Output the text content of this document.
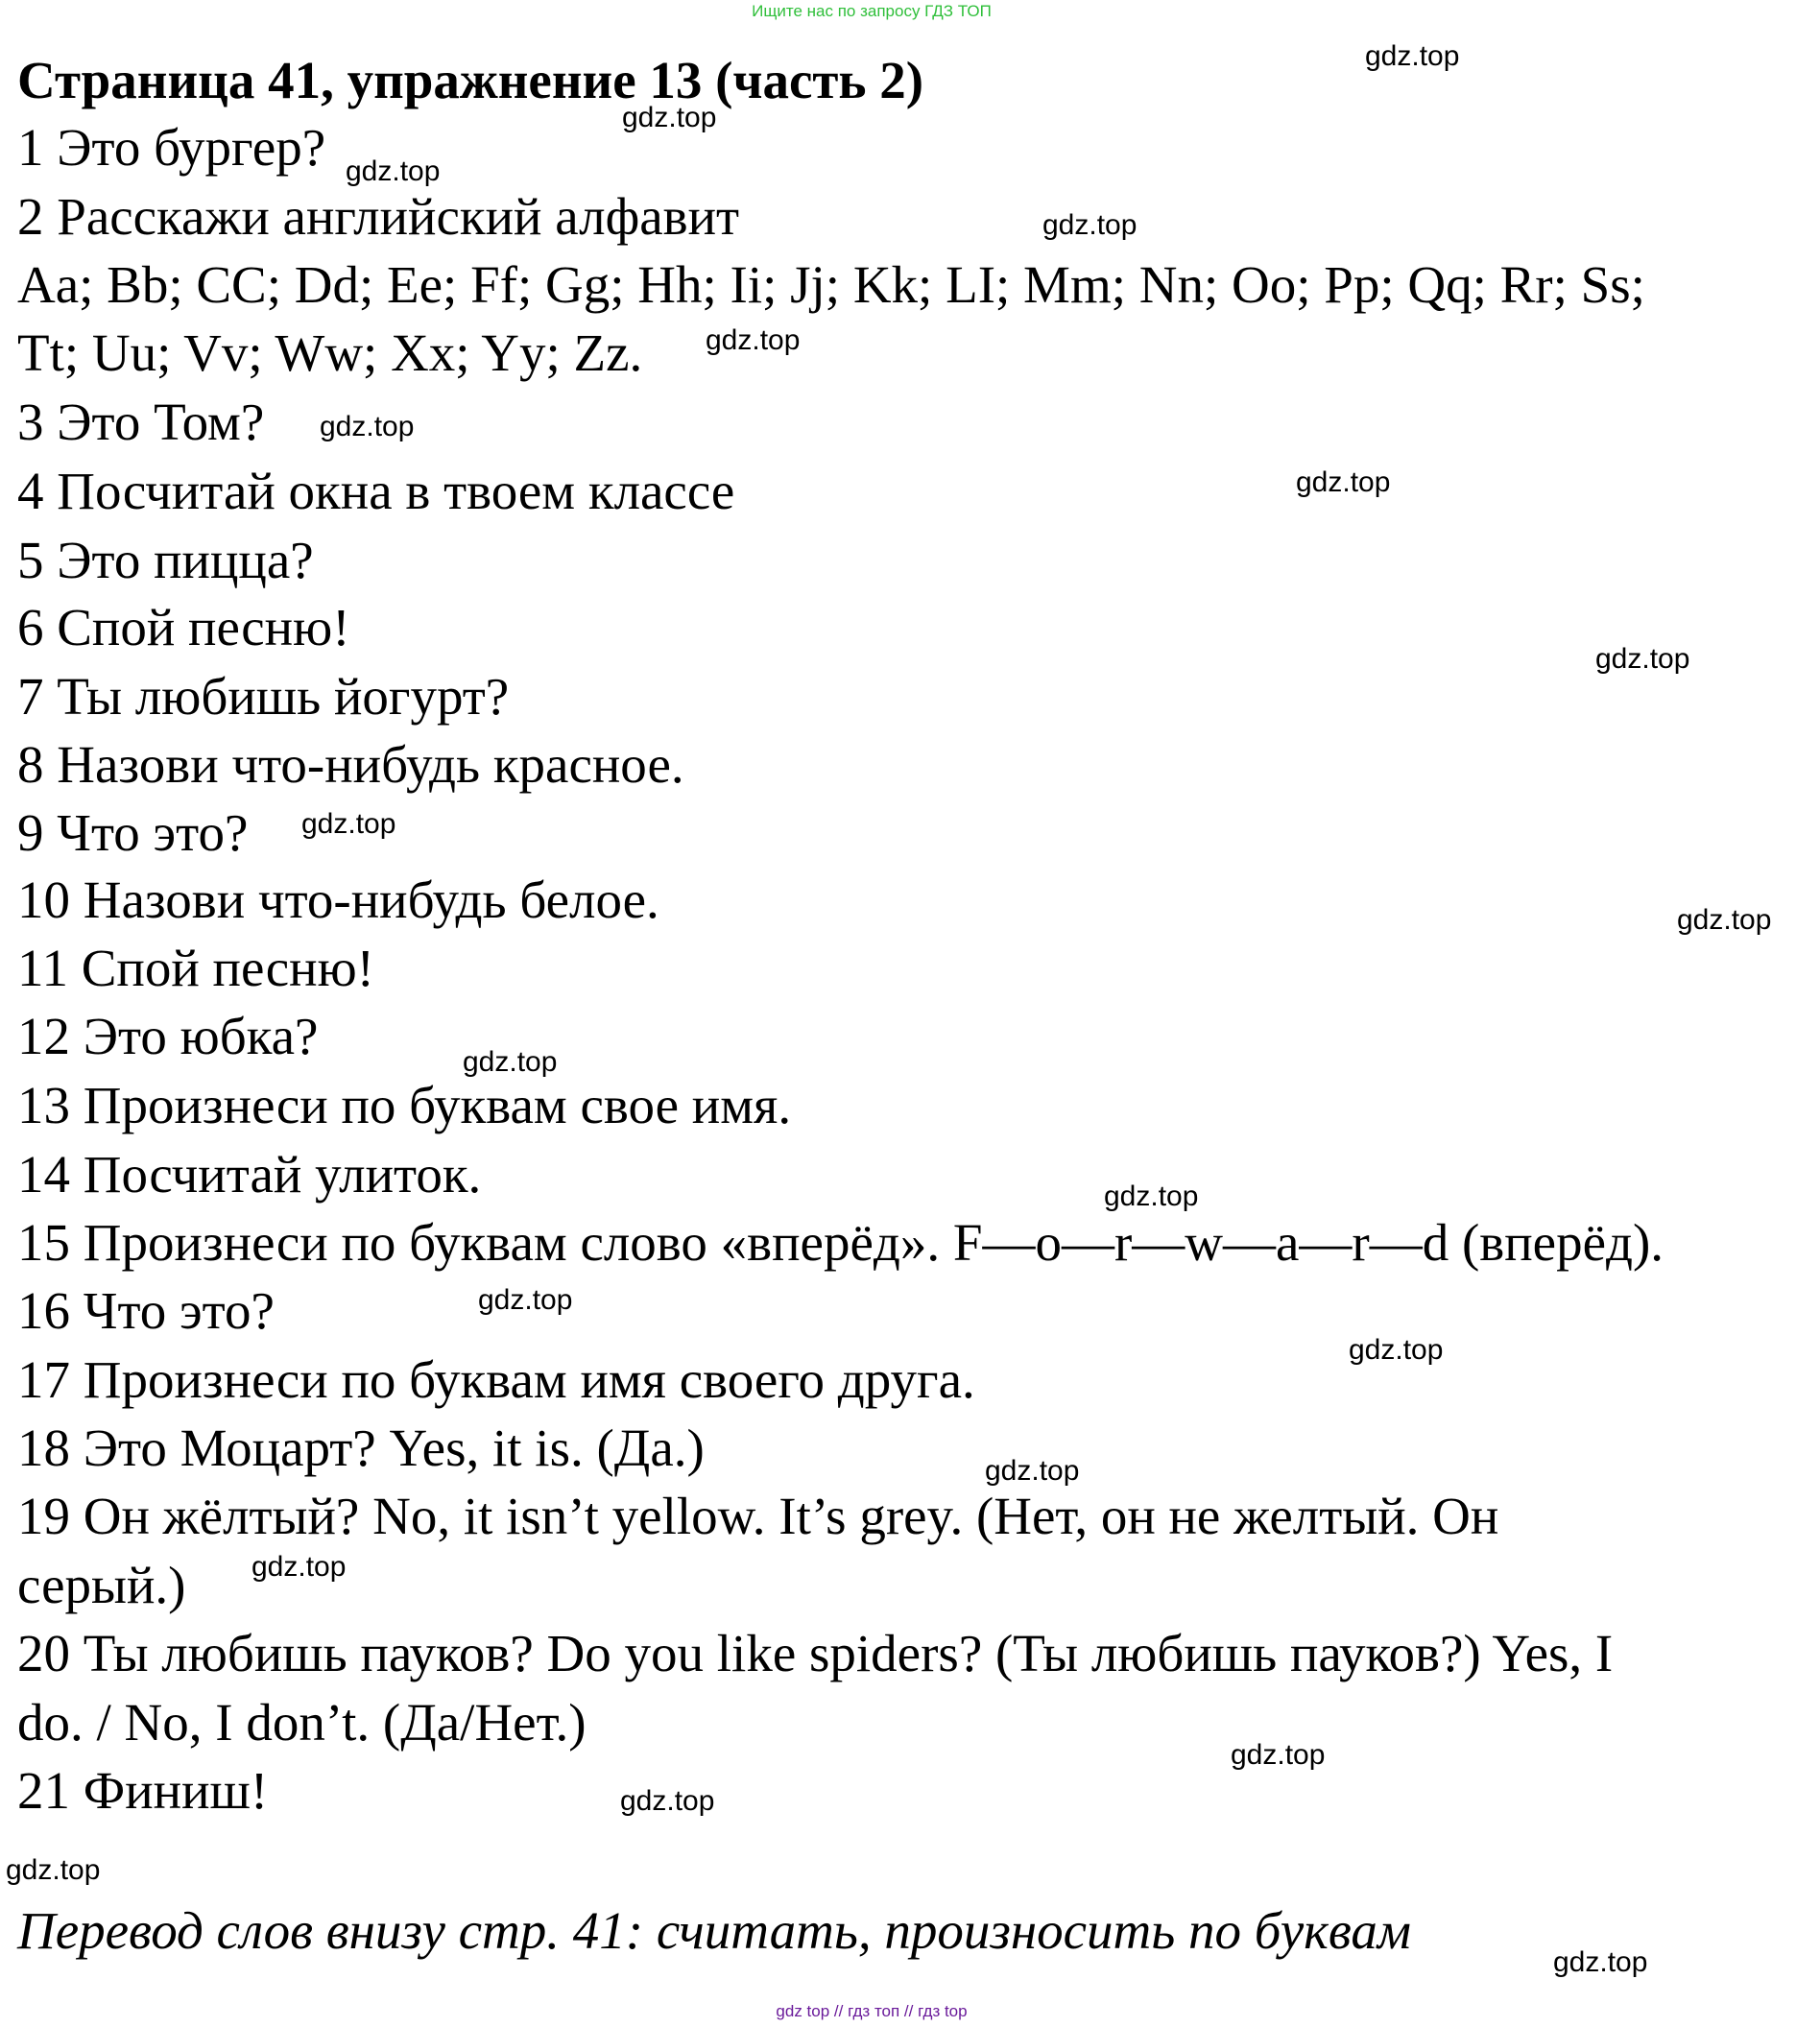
Ищите нас по запросу ГДЗ ТОП
Страница 41, упражнение 13 (часть 2)
1 Это бургер?
2 Расскажи английский алфавит
Aa; Bb; CC; Dd; Ee; Ff; Gg; Hh; Ii; Jj; Kk; LI; Mm; Nn; Oo; Pp; Qq; Rr; Ss;
Tt; Uu; Vv; Ww; Xx; Yy; Zz.
3 Это Том?
4 Посчитай окна в твоем классе
5 Это пицца?
6 Спой песню!
7 Ты любишь йогурт?
8 Назови что-нибудь красное.
9 Что это?
10 Назови что-нибудь белое.
11 Спой песню!
12 Это юбка?
13 Произнеси по буквам свое имя.
14 Посчитай улиток.
15 Произнеси по буквам слово «вперёд». F—o—r—w—a—r—d (вперёд).
16 Что это?
17 Произнеси по буквам имя своего друга.
18 Это Моцарт? Yes, it is. (Да.)
19 Он жёлтый? No, it isn’t yellow. It’s grey. (Нет, он не желтый. Он
серый.)
20 Ты любишь пауков? Do you like spiders? (Ты любишь пауков?) Yes, I
do. / No, I don’t. (Да/Нет.)
21 Финиш!
Перевод слов внизу стр. 41: считать, произносить по буквам
gdz.top
gdz.top
gdz.top
gdz.top
gdz.top
gdz.top
gdz.top
gdz.top
gdz.top
gdz.top
gdz.top
gdz.top
gdz.top
gdz.top
gdz.top
gdz.top
gdz.top
gdz.top
gdz.top
gdz.top
gdz top // гдз топ // гдз top
